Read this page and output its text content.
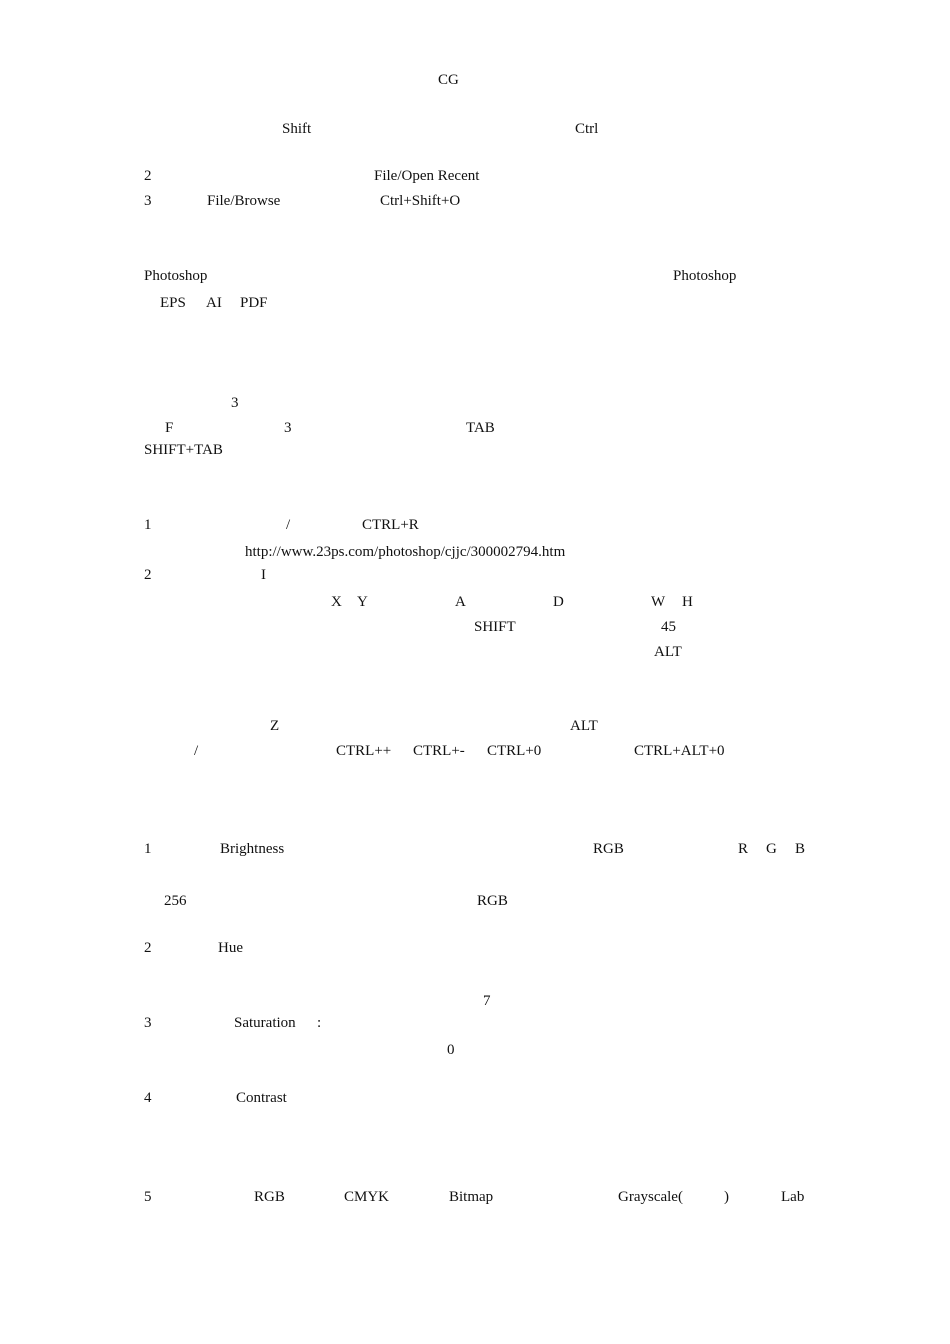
CG
Shift	Ctrl
2	File/Open Recent
3	File/Browse	Ctrl+Shift+O
Photoshop	Photoshop
EPS AI PDF
3
F	3	TAB
SHIFT+TAB
1	/	CTRL+R
http://www.23ps.com/photoshop/cjjc/300002794.htm
2	I
X Y	A	D	W H
SHIFT	45
ALT
Z	ALT
/	CTRL++ CTRL+- CTRL+0	CTRL+ALT+0
1	Brightness	RGB	R G B
256	RGB
2	Hue
7
3	Saturation :
0
4	Contrast
5	RGB	CMYK	Bitmap	Grayscale(	)	Lab
